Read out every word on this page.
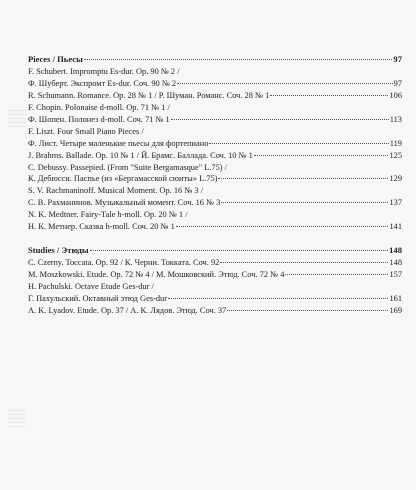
Pieces / Пьесы	97
F. Schubert. Impromptu Es-dur. Op. 90 № 2 /
Ф. Шуберт. Экспромт Es-dur. Соч. 90 № 2	97
R. Schumann. Romance. Op. 28 № 1 / Р. Шуман. Романс. Соч. 28 № 1	106
F. Chopin. Polonaise d-moll. Op. 71 № 1 /
Ф. Шопен. Полонез d-moll. Соч. 71 № 1	113
F. Liszt. Four Small Piano Pieces /
Ф. Лист. Четыре маленькие пьесы для фортепиано	119
J. Brahms. Ballade. Op. 10 № 1 / Й. Брамс. Баллада. Соч. 10 № 1	125
C. Debussy. Passepied. (From "Suite Bergamasque" L.75) /
К. Дебюсси. Паспье (из «Бергамасской сюиты» L.75)	129
S. V. Rachmaninoff. Musical Moment. Op. 16 № 3 /
С. В. Рахманинов. Музыкальный момент. Соч. 16 № 3	137
N. K. Medtner. Fairy-Tale h-moll. Op. 20 № 1 /
Н. К. Метнер. Сказка h-moll. Соч. 20 № 1	141
Studies / Этюды	148
C. Czerny. Toccata. Op. 92 / К. Черни. Токката. Соч. 92	148
M. Moszkowski. Etude. Op. 72 № 4 / М. Мошковский. Этюд. Соч. 72 № 4	157
H. Pachulski. Octave Etude Ges-dur /
Г. Пахульский. Октавный этюд Ges-dur	161
A. K. Lyadov. Etude. Op. 37 / А. К. Лядов. Этюд. Соч. 37	169
